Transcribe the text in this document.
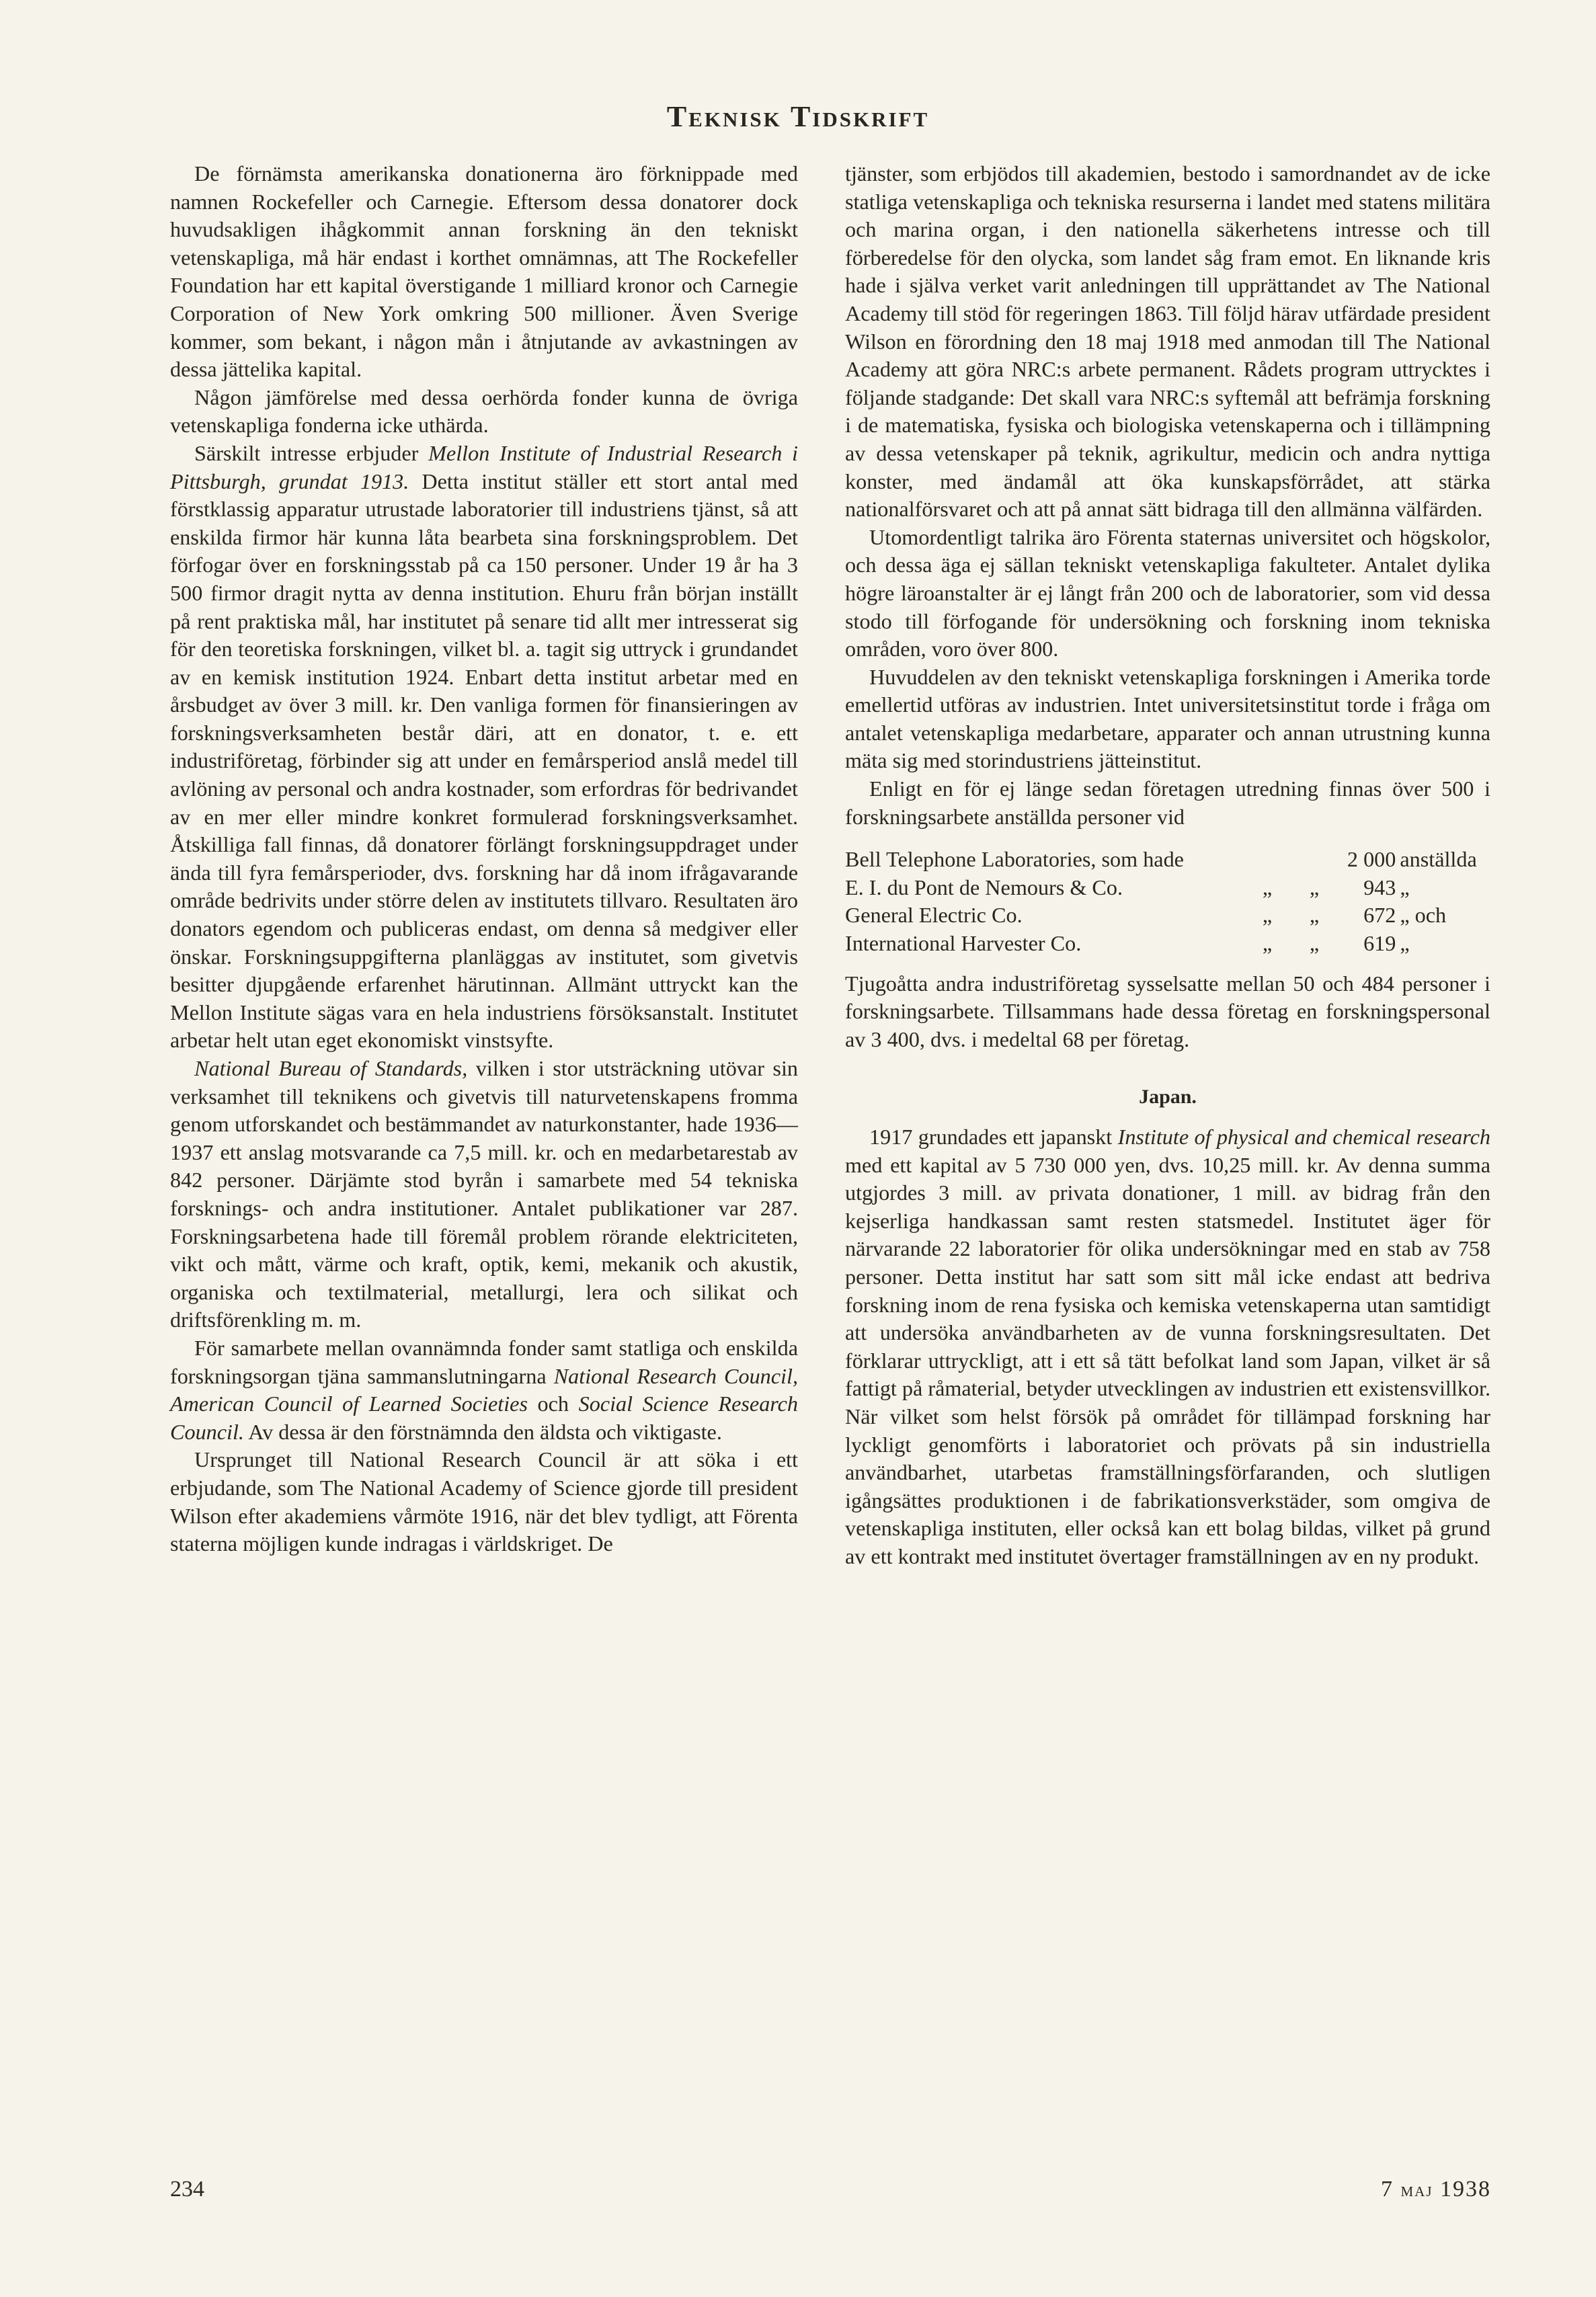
Teknisk Tidskrift

De förnämsta amerikanska donationerna äro förknippade med namnen Rockefeller och Carnegie. Eftersom dessa donatorer dock huvudsakligen ihågkommit annan forskning än den tekniskt vetenskapliga, må här endast i korthet omnämnas, att The Rockefeller Foundation har ett kapital överstigande 1 milliard kronor och Carnegie Corporation of New York omkring 500 millioner. Även Sverige kommer, som bekant, i någon mån i åtnjutande av avkastningen av dessa jättelika kapital.

Någon jämförelse med dessa oerhörda fonder kunna de övriga vetenskapliga fonderna icke uthärda.

Särskilt intresse erbjuder Mellon Institute of Industrial Research i Pittsburgh, grundat 1913. Detta institut ställer ett stort antal med förstklassig apparatur utrustade laboratorier till industriens tjänst, så att enskilda firmor här kunna låta bearbeta sina forskningsproblem. Det förfogar över en forskningsstab på ca 150 personer. Under 19 år ha 3 500 firmor dragit nytta av denna institution. Ehuru från början inställt på rent praktiska mål, har institutet på senare tid allt mer intresserat sig för den teoretiska forskningen, vilket bl. a. tagit sig uttryck i grundandet av en kemisk institution 1924. Enbart detta institut arbetar med en årsbudget av över 3 mill. kr. Den vanliga formen för finansieringen av forskningsverksamheten består däri, att en donator, t. e. ett industriföretag, förbinder sig att under en femårsperiod anslå medel till avlöning av personal och andra kostnader, som erfordras för bedrivandet av en mer eller mindre konkret formulerad forskningsverksamhet. Åtskilliga fall finnas, då donatorer förlängt forskningsuppdraget under ända till fyra femårsperioder, dvs. forskning har då inom ifrågavarande område bedrivits under större delen av institutets tillvaro. Resultaten äro donators egendom och publiceras endast, om denna så medgiver eller önskar. Forskningsuppgifterna planläggas av institutet, som givetvis besitter djupgående erfarenhet härutinnan. Allmänt uttryckt kan the Mellon Institute sägas vara en hela industriens försöksanstalt. Institutet arbetar helt utan eget ekonomiskt vinstsyfte.

National Bureau of Standards, vilken i stor utsträckning utövar sin verksamhet till teknikens och givetvis till naturvetenskapens fromma genom utforskandet och bestämmandet av naturkonstanter, hade 1936—1937 ett anslag motsvarande ca 7,5 mill. kr. och en medarbetarestab av 842 personer. Därjämte stod byrån i samarbete med 54 tekniska forsknings- och andra institutioner. Antalet publikationer var 287. Forskningsarbetena hade till föremål problem rörande elektriciteten, vikt och mått, värme och kraft, optik, kemi, mekanik och akustik, organiska och textilmaterial, metallurgi, lera och silikat och driftsförenkling m. m.

För samarbete mellan ovannämnda fonder samt statliga och enskilda forskningsorgan tjäna sammanslutningarna National Research Council, American Council of Learned Societies och Social Science Research Council. Av dessa är den förstnämnda den äldsta och viktigaste.

Ursprunget till National Research Council är att söka i ett erbjudande, som The National Academy of Science gjorde till president Wilson efter akademiens vårmöte 1916, när det blev tydligt, att Förenta staterna möjligen kunde indragas i världskriget. De

tjänster, som erbjödos till akademien, bestodo i samordnandet av de icke statliga vetenskapliga och tekniska resurserna i landet med statens militära och marina organ, i den nationella säkerhetens intresse och till förberedelse för den olycka, som landet såg fram emot. En liknande kris hade i själva verket varit anledningen till upprättandet av The National Academy till stöd för regeringen 1863. Till följd härav utfärdade president Wilson en förordning den 18 maj 1918 med anmodan till The National Academy att göra NRC:s arbete permanent. Rådets program uttrycktes i följande stadgande: Det skall vara NRC:s syftemål att befrämja forskning i de matematiska, fysiska och biologiska vetenskaperna och i tillämpning av dessa vetenskaper på teknik, agrikultur, medicin och andra nyttiga konster, med ändamål att öka kunskapsförrådet, att stärka nationalförsvaret och att på annat sätt bidraga till den allmänna välfärden.

Utomordentligt talrika äro Förenta staternas universitet och högskolor, och dessa äga ej sällan tekniskt vetenskapliga fakulteter. Antalet dylika högre läroanstalter är ej långt från 200 och de laboratorier, som vid dessa stodo till förfogande för undersökning och forskning inom tekniska områden, voro över 800.

Huvuddelen av den tekniskt vetenskapliga forskningen i Amerika torde emellertid utföras av industrien. Intet universitetsinstitut torde i fråga om antalet vetenskapliga medarbetare, apparater och annan utrustning kunna mäta sig med storindustriens jätteinstitut.

Enligt en för ej länge sedan företagen utredning finnas över 500 i forskningsarbete anställda personer vid

Bell Telephone Laboratories, som hade			2 000	anställda
E. I. du Pont de Nemours & Co.	„	„	943	„
General Electric Co.	„	„	672	„ och
International Harvester Co.	„	„	619	„

Tjugoåtta andra industriföretag sysselsatte mellan 50 och 484 personer i forskningsarbete. Tillsammans hade dessa företag en forskningspersonal av 3 400, dvs. i medeltal 68 per företag.

Japan.

1917 grundades ett japanskt Institute of physical and chemical research med ett kapital av 5 730 000 yen, dvs. 10,25 mill. kr. Av denna summa utgjordes 3 mill. av privata donationer, 1 mill. av bidrag från den kejserliga handkassan samt resten statsmedel. Institutet äger för närvarande 22 laboratorier för olika undersökningar med en stab av 758 personer. Detta institut har satt som sitt mål icke endast att bedriva forskning inom de rena fysiska och kemiska vetenskaperna utan samtidigt att undersöka användbarheten av de vunna forskningsresultaten. Det förklarar uttryckligt, att i ett så tätt befolkat land som Japan, vilket är så fattigt på råmaterial, betyder utvecklingen av industrien ett existensvillkor. När vilket som helst försök på området för tillämpad forskning har lyckligt genomförts i laboratoriet och prövats på sin industriella användbarhet, utarbetas framställningsförfaranden, och slutligen igångsättes produktionen i de fabrikationsverkstäder, som omgiva de vetenskapliga instituten, eller också kan ett bolag bildas, vilket på grund av ett kontrakt med institutet övertager framställningen av en ny produkt.

234	7 maj 1938
